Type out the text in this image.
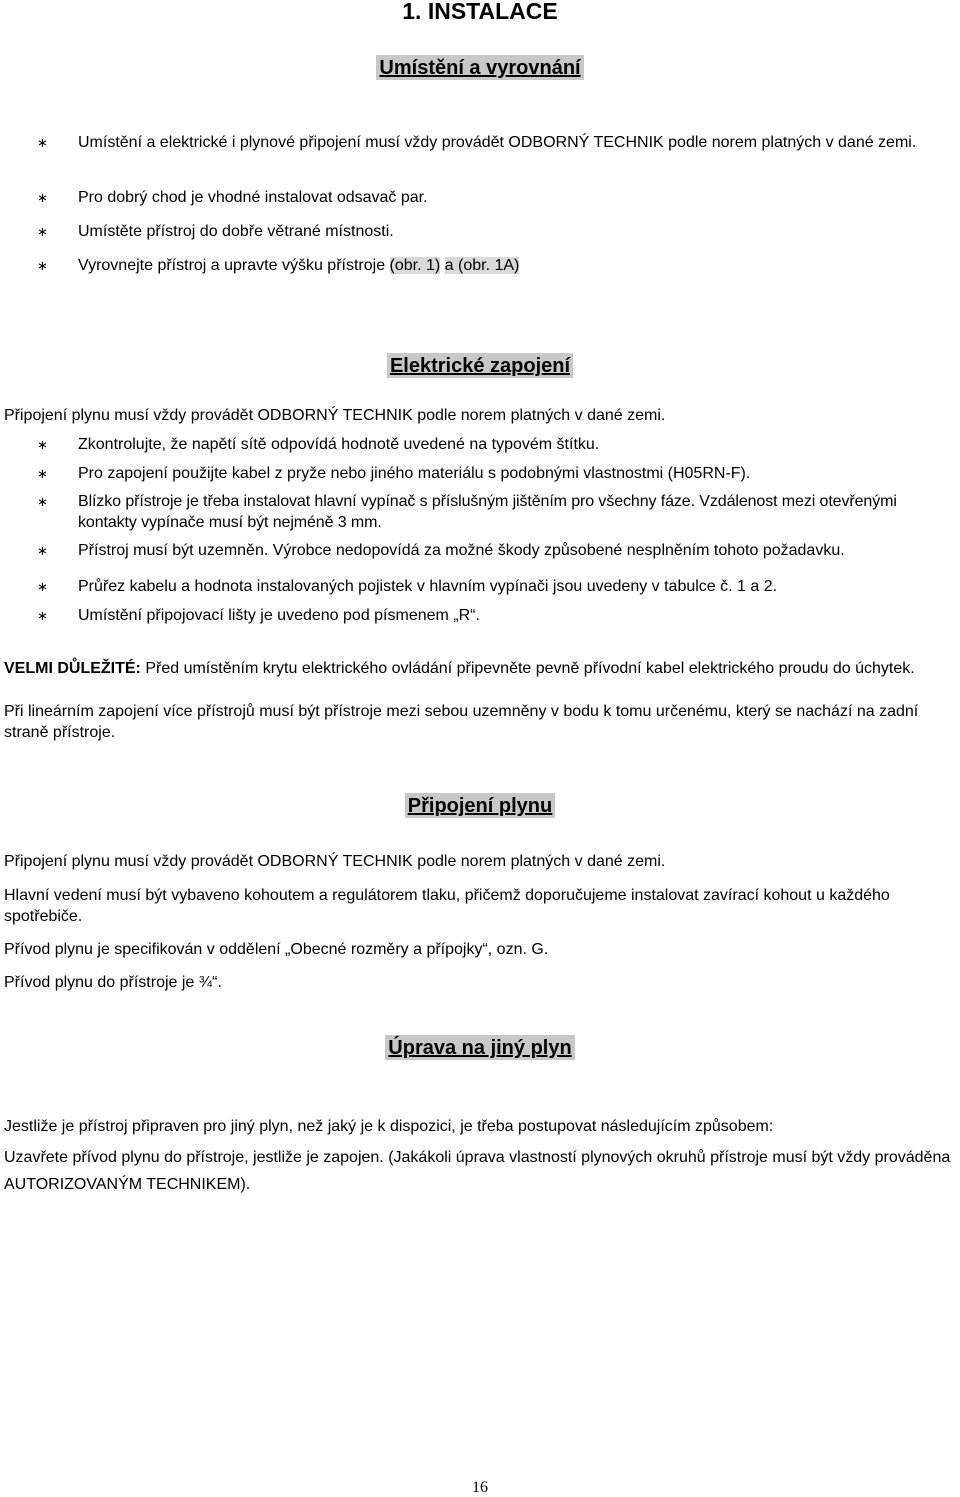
1. INSTALACE
Umístění a vyrovnání
∗ Umístění a elektrické i plynové připojení musí vždy provádět ODBORNÝ TECHNIK podle norem platných v dané zemi.
∗ Pro dobrý chod je vhodné instalovat odsavač par.
∗ Umístěte přístroj do dobře větrané místnosti.
∗ Vyrovnejte přístroj a upravte výšku přístroje (obr. 1) a (obr. 1A)
Elektrické zapojení
Připojení plynu musí vždy provádět ODBORNÝ TECHNIK podle norem platných v dané zemi.
∗ Zkontrolujte, že napětí sítě odpovídá hodnotě uvedené na typovém štítku.
∗ Pro zapojení použijte kabel z pryže nebo jiného materiálu s podobnými vlastnostmi (H05RN-F).
∗ Blízko přístroje je třeba instalovat hlavní vypínač s příslušným jištěním pro všechny fáze. Vzdálenost mezi otevřenými kontakty vypínače musí být nejméně 3 mm.
∗ Přístroj musí být uzemněn. Výrobce nedopovídá za možné škody způsobené nesplněním tohoto požadavku.
∗ Průřez kabelu a hodnota instalovaných pojistek v hlavním vypínači jsou uvedeny v tabulce č. 1 a 2.
∗ Umístění připojovací lišty je uvedeno pod písmenem „R“.
VELMI DŮLEŽITÉ: Před umístěním krytu elektrického ovládání připevněte pevně přívodní kabel elektrického proudu do úchytek.
Při lineárním zapojení více přístrojů musí být přístroje mezi sebou uzemněny v bodu k tomu určenému, který se nachází na zadní straně přístroje.
Připojení plynu
Připojení plynu musí vždy provádět ODBORNÝ TECHNIK podle norem platných v dané zemi.
Hlavní vedení musí být vybaveno kohoutem a regulátorem tlaku, přičemž doporučujeme instalovat zavírací kohout u každého spotřebiče.
Přívod plynu je specifikován v oddělení „Obecné rozměry a přípojky“, ozn. G.
Přívod plynu do přístroje je ¾“.
Úprava na jiný plyn
Jestliže je přístroj připraven pro jiný plyn, než jaký je k dispozici, je třeba postupovat následujícím způsobem:
Uzavřete přívod plynu do přístroje, jestliže je zapojen. (Jakákoli úprava vlastností plynových okruhů přístroje musí být vždy prováděna AUTORIZOVANÝM TECHNIKEM).
16
